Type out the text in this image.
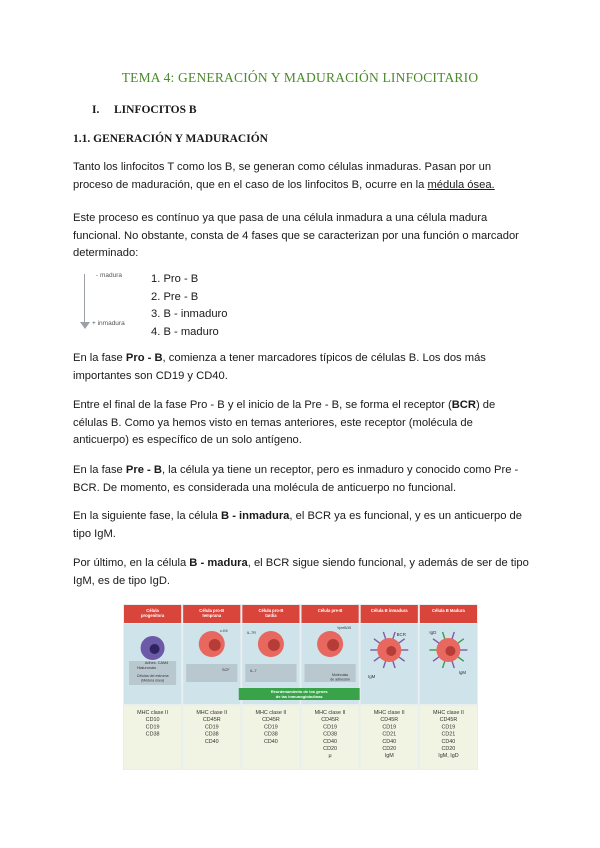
TEMA 4: GENERACIÓN Y MADURACIÓN LINFOCITARIO
I. LINFOCITOS B
1.1. GENERACIÓN Y MADURACIÓN
Tanto los linfocitos T como los B, se generan como células inmaduras. Pasan por un proceso de maduración, que en el caso de los linfocitos B, ocurre en la médula ósea.
Este proceso es contínuo ya que pasa de una célula inmadura a una célula madura funcional. No obstante, consta de 4 fases que se caracterizan por una función o marcador determinado:
- madura
+ inmadura
1. Pro - B
2. Pre - B
3. B - inmaduro
4. B - maduro
En la fase Pro - B, comienza a tener marcadores típicos de células B. Los dos más importantes son CD19 y CD40.
Entre el final de la fase Pro - B y el inicio de la Pre - B, se forma el receptor (BCR) de células B. Como ya hemos visto en temas anteriores, este receptor (molécula de anticuerpo) es específico de un solo antígeno.
En la fase Pre - B, la célula ya tiene un receptor, pero es inmaduro y conocido como Pre - BCR. De momento, es considerada una molécula de anticuerpo no funcional.
En la siguiente fase, la célula B - inmadura, el BCR ya es funcional, y es un anticuerpo de tipo IgM.
Por último, en la célula B - madura, el BCR sigue siendo funcional, y además de ser de tipo IgM, es de tipo IgD.
Célula
progenitora
MHC clase II
CD10
CD19
CD38
Célula pro-B
temprana
MHC clase II
CD45R
CD19
CD38
CD40
Célula pro-B
tardía
MHC clase II
CD45R
CD19
CD38
CD40
Célula pre-B
MHC clase II
CD45R
CD19
CD38
CD40
CD20
μ
Célula B inmadura
MHC clase II
CD45R
CD19
CD21
CD40
CD20
IgM
Célula B Madura
MHC clase II
CD45R
CD19
CD21
CD40
CD20
IgM, IgD
Reordenamiento de los genes
de las inmunoglobulinas
Adhes. CAM4
Hialuronato
Células del estroma
(Médula ósea)
c-Kit
SCF
IL-7R
IL-7
VpreB/λ5
Moléculas
de adhesión
BCR
IgM
IgD
IgM
